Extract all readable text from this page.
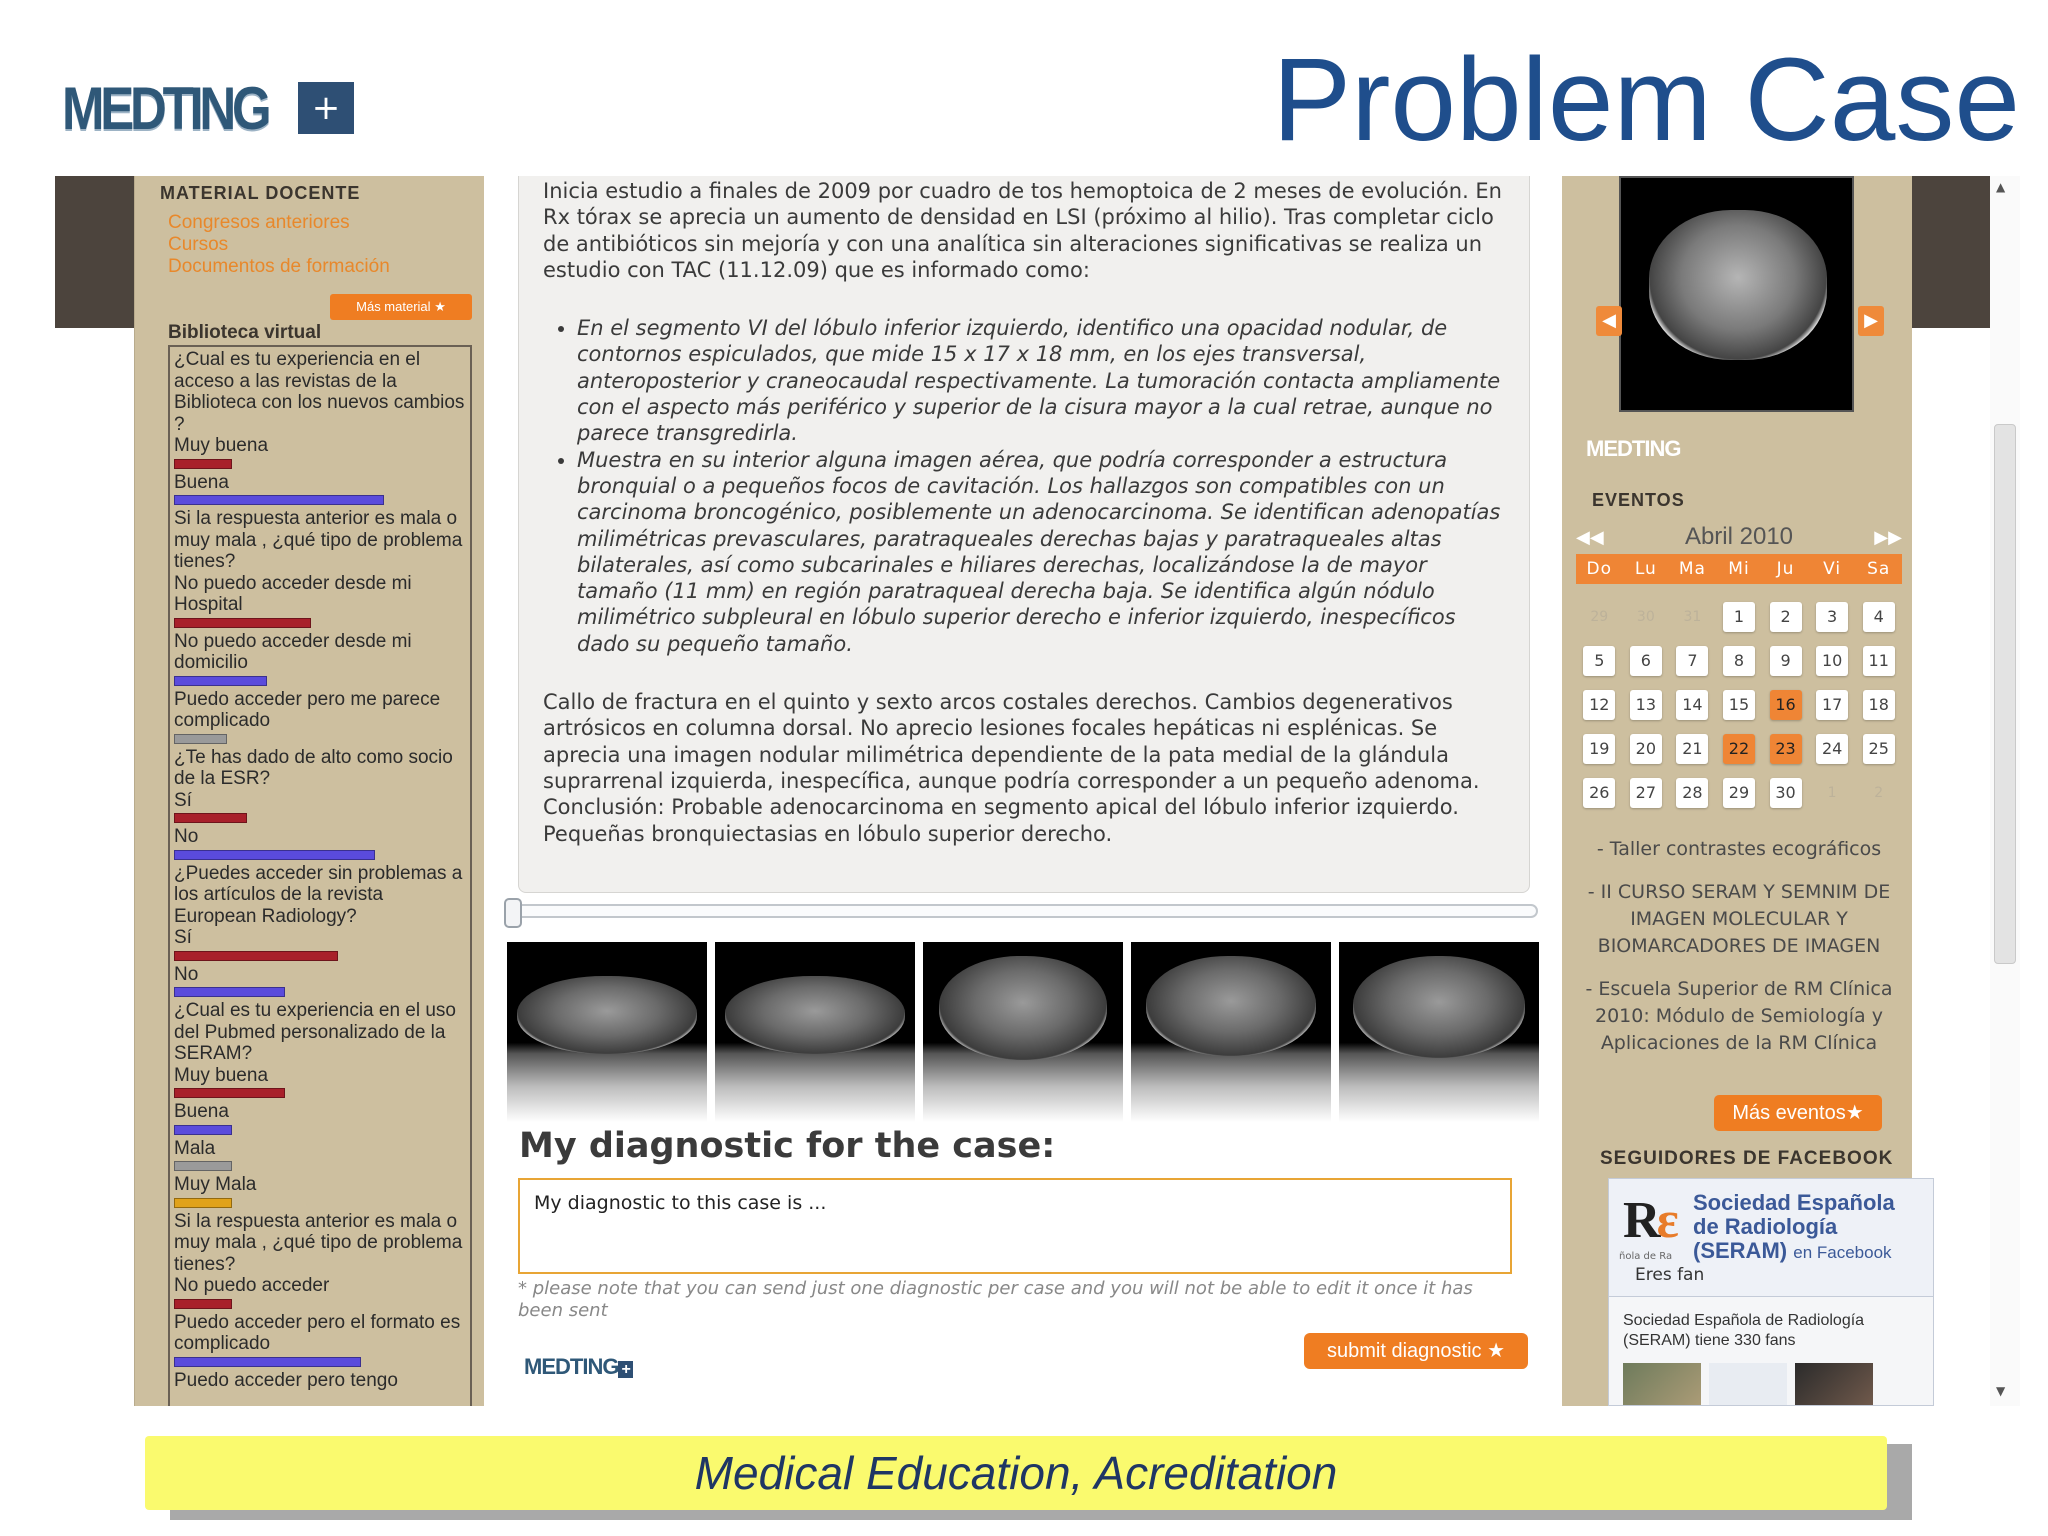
MEDTING	+	Problem Case
MATERIAL DOCENTE
Congresos anteriores
Cursos
Documentos de formación
Más material ★
Biblioteca virtual
¿Cual es tu experiencia en el acceso a las revistas de la Biblioteca con los nuevos cambios ?
Muy buena
Buena
Si la respuesta anterior es mala o muy mala , ¿qué tipo de problema tienes?
No puedo acceder desde mi Hospital
No puedo acceder desde mi domicilio
Puedo acceder pero me parece complicado
¿Te has dado de alto como socio de la ESR?
Sí
No
¿Puedes acceder sin problemas a los artículos de la revista European Radiology?
Sí
No
¿Cual es tu experiencia en el uso del Pubmed personalizado de la SERAM?
Muy buena
Buena
Mala
Muy Mala
Si la respuesta anterior es mala o muy mala , ¿qué tipo de problema tienes?
No puedo acceder
Puedo acceder pero el formato es complicado
Puedo acceder pero tengo

Inicia estudio a finales de 2009 por cuadro de tos hemoptoica de 2 meses de evolución. En Rx tórax se aprecia un aumento de densidad en LSI (próximo al hilio). Tras completar ciclo de antibióticos sin mejoría y con una analítica sin alteraciones significativas se realiza un estudio con TAC (11.12.09) que es informado como:

• En el segmento VI del lóbulo inferior izquierdo, identifico una opacidad nodular, de contornos espiculados, que mide 15 x 17 x 18 mm, en los ejes transversal, anteroposterior y craneocaudal respectivamente. La tumoración contacta ampliamente con el aspecto más periférico y superior de la cisura mayor a la cual retrae, aunque no parece transgredirla.
• Muestra en su interior alguna imagen aérea, que podría corresponder a estructura bronquial o a pequeños focos de cavitación. Los hallazgos son compatibles con un carcinoma broncogénico, posiblemente un adenocarcinoma. Se identifican adenopatías milimétricas prevasculares, paratraqueales derechas bajas y paratraqueales altas bilaterales, así como subcarinales e hiliares derechas, localizándose la de mayor tamaño (11 mm) en región paratraqueal derecha baja. Se identifica algún nódulo milimétrico subpleural en lóbulo superior derecho e inferior izquierdo, inespecíficos dado su pequeño tamaño.

Callo de fractura en el quinto y sexto arcos costales derechos. Cambios degenerativos artrósicos en columna dorsal. No aprecio lesiones focales hepáticas ni esplénicas. Se aprecia una imagen nodular milimétrica dependiente de la pata medial de la glándula suprarrenal izquierda, inespecífica, aunque podría corresponder a un pequeño adenoma. Conclusión: Probable adenocarcinoma en segmento apical del lóbulo inferior izquierdo. Pequeñas bronquiectasias en lóbulo superior derecho.

My diagnostic for the case:
My diagnostic to this case is ...
* please note that you can send just one diagnostic per case and you will not be able to edit it once it has been sent
MEDTING +
submit diagnostic ★
◀	▶
MEDTING
EVENTOS
◀◀	Abril 2010	▶▶
Do	Lu	Ma	Mi	Ju	Vi	Sa
29	30	31	1	2	3	4
5	6	7	8	9	10	11
12	13	14	15	16	17	18
19	20	21	22	23	24	25
26	27	28	29	30	1	2
- Taller contrastes ecográficos
- II CURSO SERAM Y SEMNIM DE IMAGEN MOLECULAR Y BIOMARCADORES DE IMAGEN
- Escuela Superior de RM Clínica 2010: Módulo de Semiología y Aplicaciones de la RM Clínica
Más eventos★
SEGUIDORES DE FACEBOOK
Rε
ñola de Ra
Sociedad Española de Radiología (SERAM) en Facebook
Eres fan
Sociedad Española de Radiología (SERAM) tiene 330 fans
▲
▼
Medical Education, Acreditation
